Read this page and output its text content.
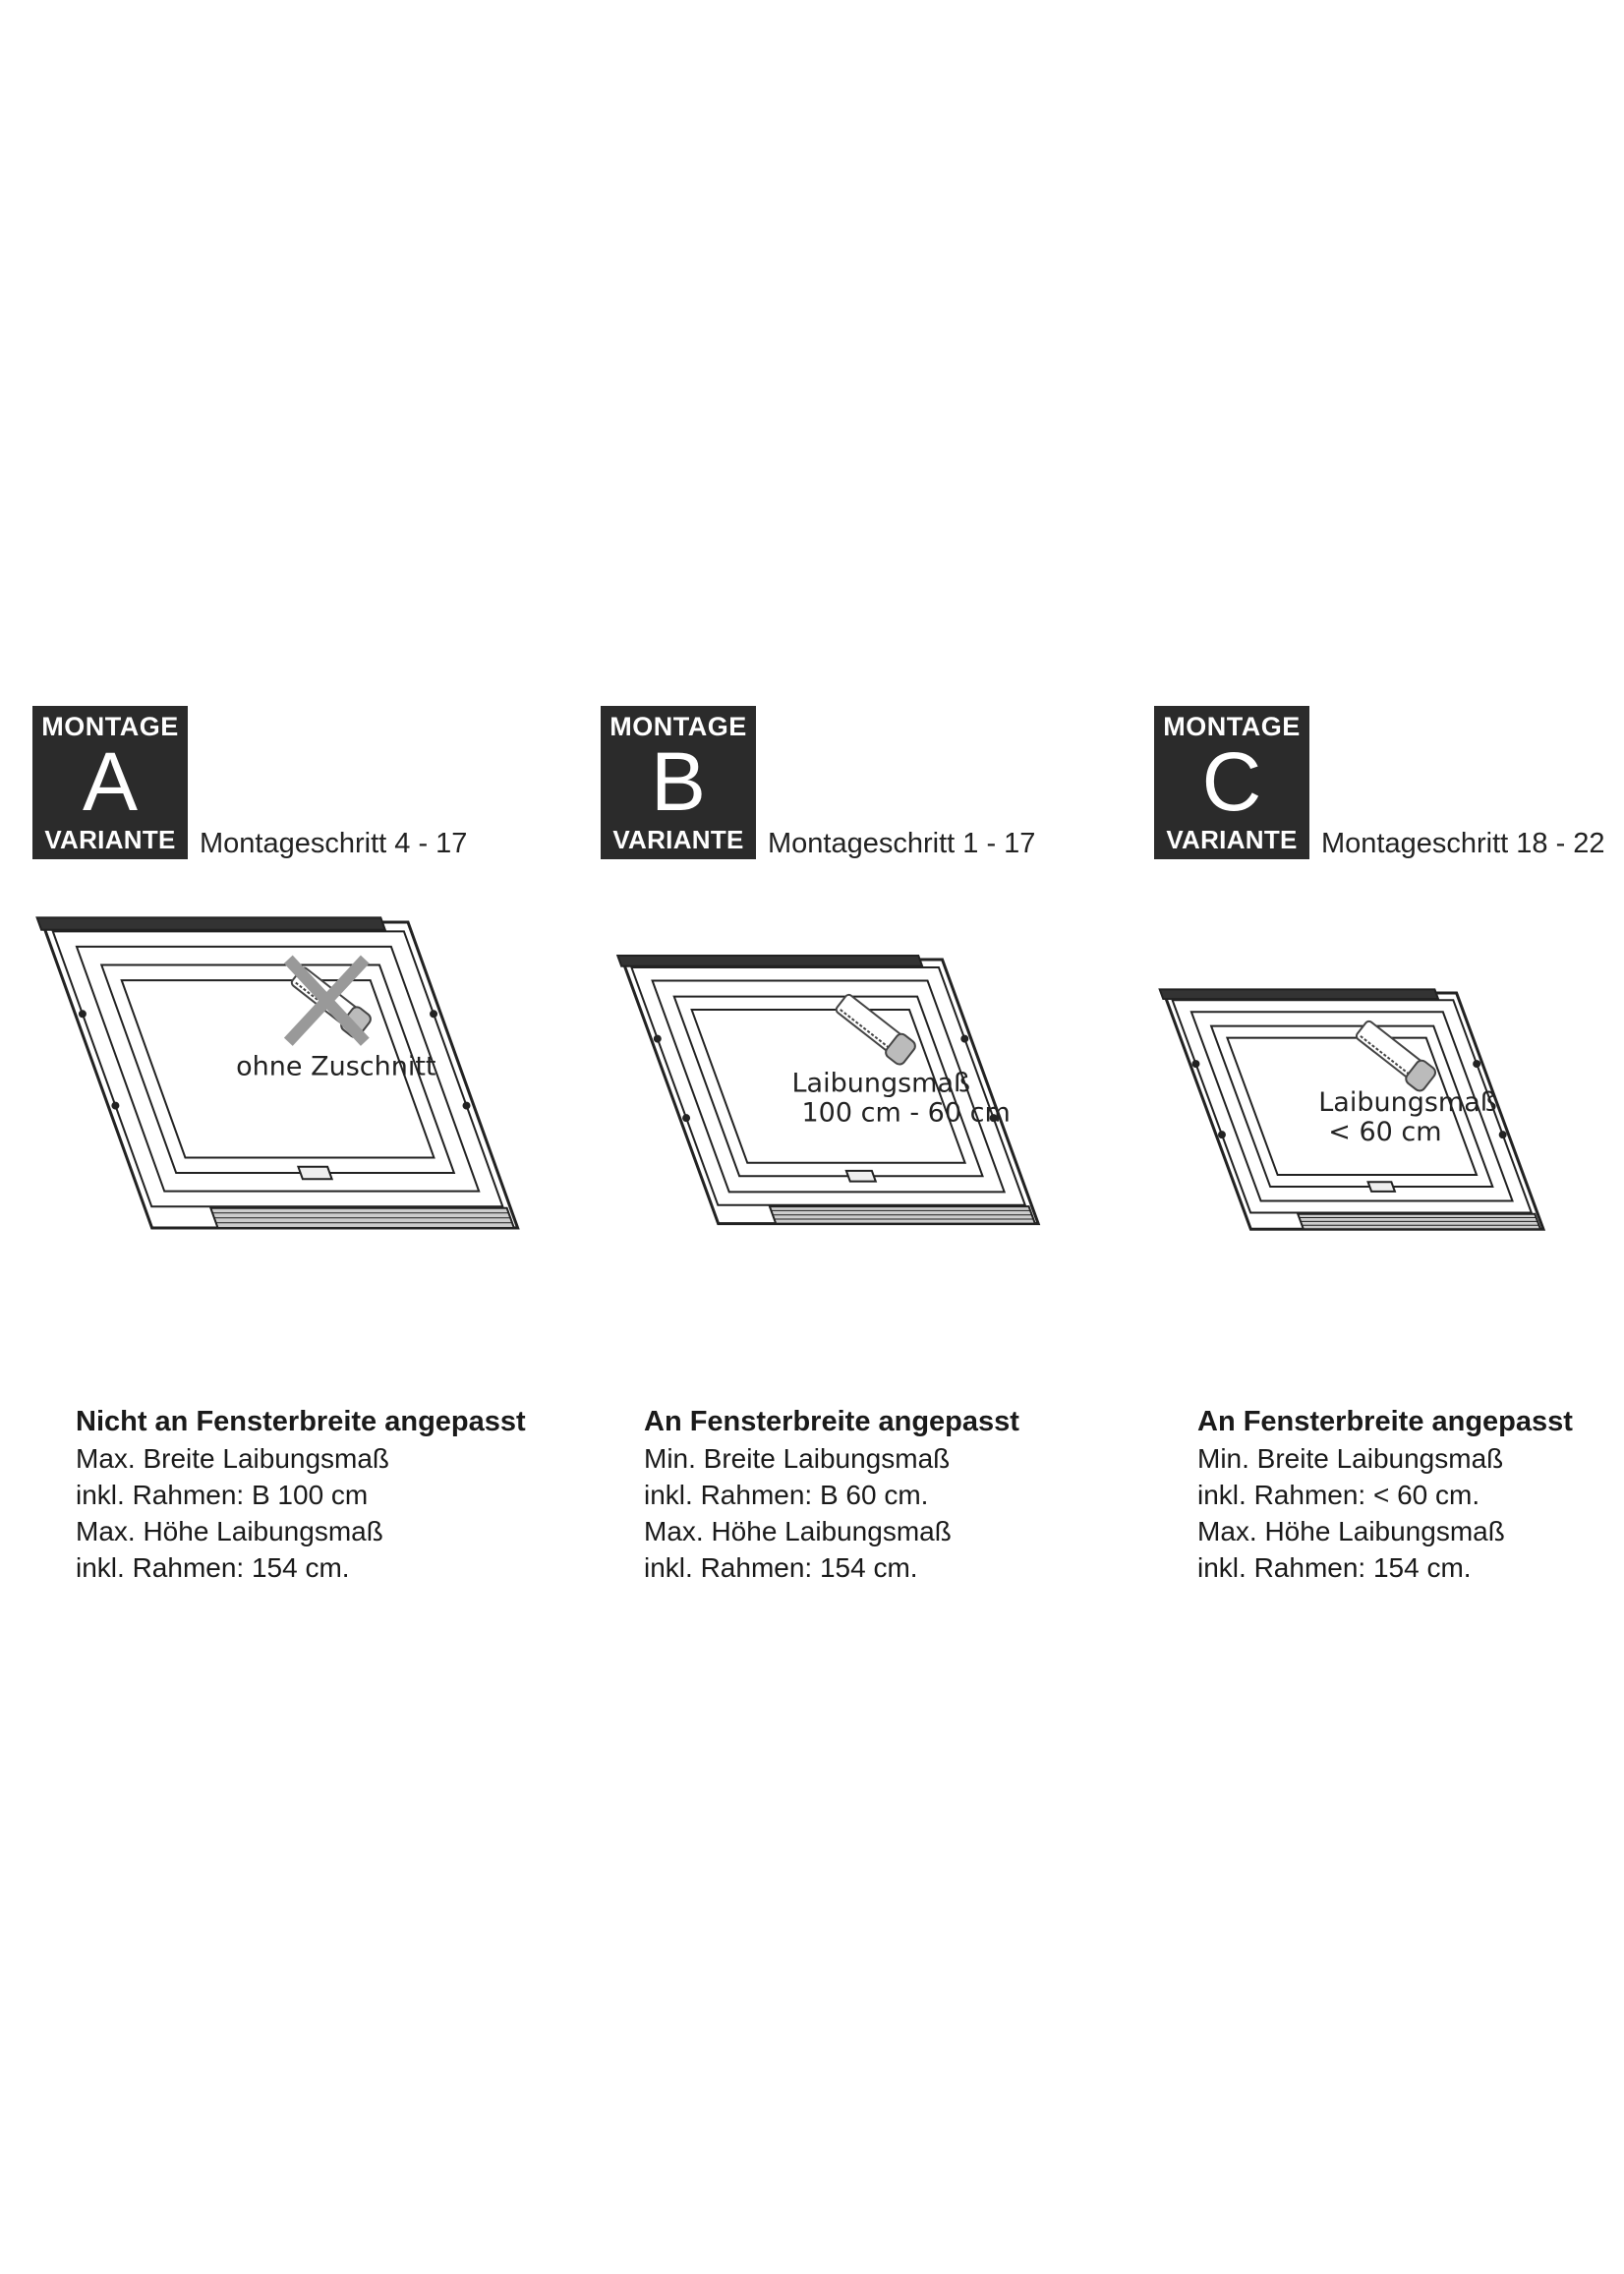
MONTAGE
A
VARIANTE Montageschritt 4 - 17
ohne Zuschnitt
Nicht an Fensterbreite angepasst
Max. Breite Laibungsmaß
inkl. Rahmen: B 100 cm
Max. Höhe Laibungsmaß
inkl. Rahmen: 154 cm.
MONTAGE
B
VARIANTE Montageschritt 1 - 17
Laibungsmaß
100 cm - 60 cm
An Fensterbreite angepasst
Min. Breite Laibungsmaß
inkl. Rahmen: B 60 cm.
Max. Höhe Laibungsmaß
inkl. Rahmen: 154 cm.
MONTAGE
C
VARIANTE Montageschritt 18 - 22
Laibungsmaß
< 60 cm
An Fensterbreite angepasst
Min. Breite Laibungsmaß
inkl. Rahmen: < 60 cm.
Max. Höhe Laibungsmaß
inkl. Rahmen: 154 cm.
